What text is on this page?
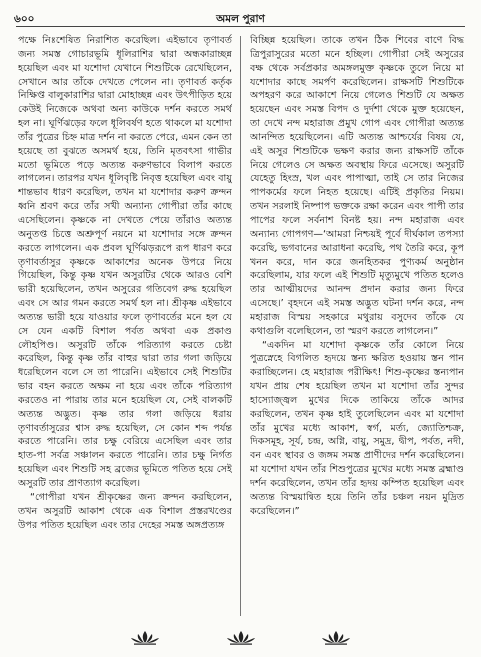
৬০০	অমল পুরাণ

পক্ষে নিঃশেষিত নিরাশিত করেছিল। এইভাবে তৃণাবর্ত জন্য সমস্ত গোচারভূমি ধূলিরাশির দ্বারা অন্ধকারাচ্ছন্ন হয়েছিল এবং মা যশোদা যেখানে শিশুটিকে রেখেছিলেন, সেখানে আর তাঁকে দেখতে পেলেন না। তৃণাবর্ত কর্তৃক নিক্ষিপ্ত বালুকারাশির দ্বারা মোহাচ্ছন্ন এবং উৎপীড়িত হয়ে কেউই নিজেকে অথবা অন্য কাউকে দর্শন করতে সমর্থ হল না। ঘূর্ণিঝড়ের ফলে ধূলিবর্ষণ হতে থাকলে মা যশোদা তাঁর পুত্রের চিহ্ন মাত্র দর্শন না করতে পেরে, এমন কেন তা হয়েছে তা বুঝতে অসমর্থ হয়ে, তিনি মৃতবৎসা গাভীর মতো ভূমিতে পড়ে অত্যন্ত করুণভাবে বিলাপ করতে লাগলেন। তারপর যখন ধূলিবৃষ্টি নিবৃত্ত হয়েছিল এবং বায়ু শান্তভাব ধারণ করেছিল, তখন মা যশোদার করুণ ক্রন্দন ধ্বনি শ্রবণ করে তাঁর সখী অন্যান্য গোপীরা তাঁর কাছে এসেছিলেন। কৃষ্ণকে না দেখতে পেয়ে তাঁরাও অত্যন্ত অনুতপ্ত চিত্তে অশ্রুপূর্ণ নয়নে মা যশোদার সঙ্গে ক্রন্দন করতে লাগলেন। এক প্রবল ঘূর্ণিঝড়রূপে রূপ ধারণ করে তৃণাবর্তাসুর কৃষ্ণকে আকাশের অনেক উপরে নিয়ে গিয়েছিল, কিন্তু কৃষ্ণ যখন অসুরটির থেকে আরও বেশি ভারী হয়েছিলেন, তখন অসুরের গতিবেগ রুদ্ধ হয়েছিল এবং সে আর গমন করতে সমর্থ হল না। শ্রীকৃষ্ণ এইভাবে অত্যন্ত ভারী হয়ে যাওয়ার ফলে তৃণাবর্তের মনে হল যে সে যেন একটি বিশাল পর্বত অথবা এক প্রকাণ্ড লৌহপিণ্ড। অসুরটি তাঁকে পরিত্যাগ করতে চেষ্টা করেছিল, কিন্তু কৃষ্ণ তাঁর বাহুর দ্বারা তার গলা জড়িয়ে ধরেছিলেন বলে সে তা পারেনি। এইভাবে সেই শিশুটির ভার বহন করতে অক্ষম না হয়ে এবং তাঁকে পরিত্যাগ করতেও না পারায় তার মনে হয়েছিল যে, সেই বালকটি অত্যন্ত অদ্ভুত। কৃষ্ণ তার গলা জড়িয়ে ধরায় তৃণাবর্তাসুরের শ্বাস রুদ্ধ হয়েছিল, সে কোন শব্দ পর্যন্ত করতে পারেনি। তার চক্ষু বেরিয়ে এসেছিল এবং তার হাত-পা সর্বত্র সঞ্চালন করতে পারেনি। তার চক্ষু নির্গত হয়েছিল এবং শিশুটি সহ ব্রজের ভূমিতে পতিত হয়ে সেই অসুরটি তার প্রাণত্যাগ করেছিল।

“গোপীরা যখন শ্রীকৃষ্ণের জন্য ক্রন্দন করছিলেন, তখন অসুরটি আকাশ থেকে এক বিশাল প্রস্তরখণ্ডের উপর পতিত হয়েছিল এবং তার দেহের সমস্ত অঙ্গপ্রত্যঙ্গ

বিচ্ছিন্ন হয়েছিল। তাকে তখন ঠিক শিবের বাণে বিদ্ধ ত্রিপুরাসুরের মতো মনে হচ্ছিল। গোপীরা সেই অসুরের বক্ষ থেকে সর্বপ্রকার অমঙ্গলমুক্ত কৃষ্ণকে তুলে নিয়ে মা যশোদার কাছে সমর্পণ করেছিলেন। রাক্ষসটি শিশুটিকে অপহরণ করে আকাশে নিয়ে গেলেও শিশুটি যে অক্ষত হয়েছেন এবং সমস্ত বিপদ ও দুর্দশা থেকে মুক্ত হয়েছেন, তা দেখে নন্দ মহারাজ প্রমুখ গোপ এবং গোপীরা অত্যন্ত আনন্দিত হয়েছিলেন। এটি অত্যন্ত আশ্চর্যের বিষয় যে, এই অসুর শিশুটিকে ভক্ষণ করার জন্য রাক্ষসটি তাঁকে নিয়ে গেলেও সে অক্ষত অবস্থায় ফিরে এসেছে। অসুরটি যেহেতু হিংস্র, খল এবং পাপাত্মা, তাই সে তার নিজের পাপকর্মের ফলে নিহত হয়েছে। এটিই প্রকৃতির নিয়ম। তখন সরলাই নিষ্পাপ ভক্তকে রক্ষা করেন এবং পাপী তার পাপের ফলে সর্বনাশ বিনষ্ট হয়। নন্দ মহারাজ এবং অন্যান্য গোপগণ—‘আমরা নিশ্চয়ই পূর্বে দীর্ঘকাল তপস্যা করেছি, ভগবানের আরাধনা করেছি, পথ তৈরি করে, কূপ খনন করে, দান করে জনহিতকর পুণ্যকর্ম অনুষ্ঠান করেছিলাম, যার ফলে এই শিশুটি মৃত্যুমুখে পতিত হলেও তার আত্মীয়দের আনন্দ প্রদান করার জন্য ফিরে এসেছে।’ বৃহদনে এই সমস্ত অদ্ভুত ঘটনা দর্শন করে, নন্দ মহারাজ বিস্ময় সহকারে মথুরায় বসুদেব তাঁকে যে কথাগুলি বলেছিলেন, তা স্মরণ করতে লাগলেন।”

“একদিন মা যশোদা কৃষ্ণকে তাঁর কোলে নিয়ে পুত্রস্নেহে বিগলিত হৃদয়ে স্তন্য ক্ষরিত হওয়ায় স্তন পান করাচ্ছিলেন। হে মহারাজ পরীক্ষিৎ! শিশু-কৃষ্ণের স্তন্যপান যখন প্রায় শেষ হয়েছিল তখন মা যশোদা তাঁর সুন্দর হাস্যোজ্জ্বল মুখের দিকে তাকিয়ে তাঁকে আদর করছিলেন, তখন কৃষ্ণ হাই তুলেছিলেন এবং মা যশোদা তাঁর মুখের মধ্যে আকাশ, স্বর্গ, মর্ত্য, জ্যোতিশ্চক্র, দিকসমূহ, সূর্য, চন্দ্র, অগ্নি, বায়ু, সমুদ্র, দ্বীপ, পর্বত, নদী, বন এবং স্থাবর ও জঙ্গম সমস্ত প্রাণীদের দর্শন করেছিলেন। মা যশোদা যখন তাঁর শিশুপুত্রের মুখের মধ্যে সমস্ত ব্রহ্মাণ্ড দর্শন করেছিলেন, তখন তাঁর হৃদয় কম্পিত হয়েছিল এবং অত্যন্ত বিস্ময়ান্বিত হয়ে তিনি তাঁর চঞ্চল নয়ন মুদ্রিত করেছিলেন।”
